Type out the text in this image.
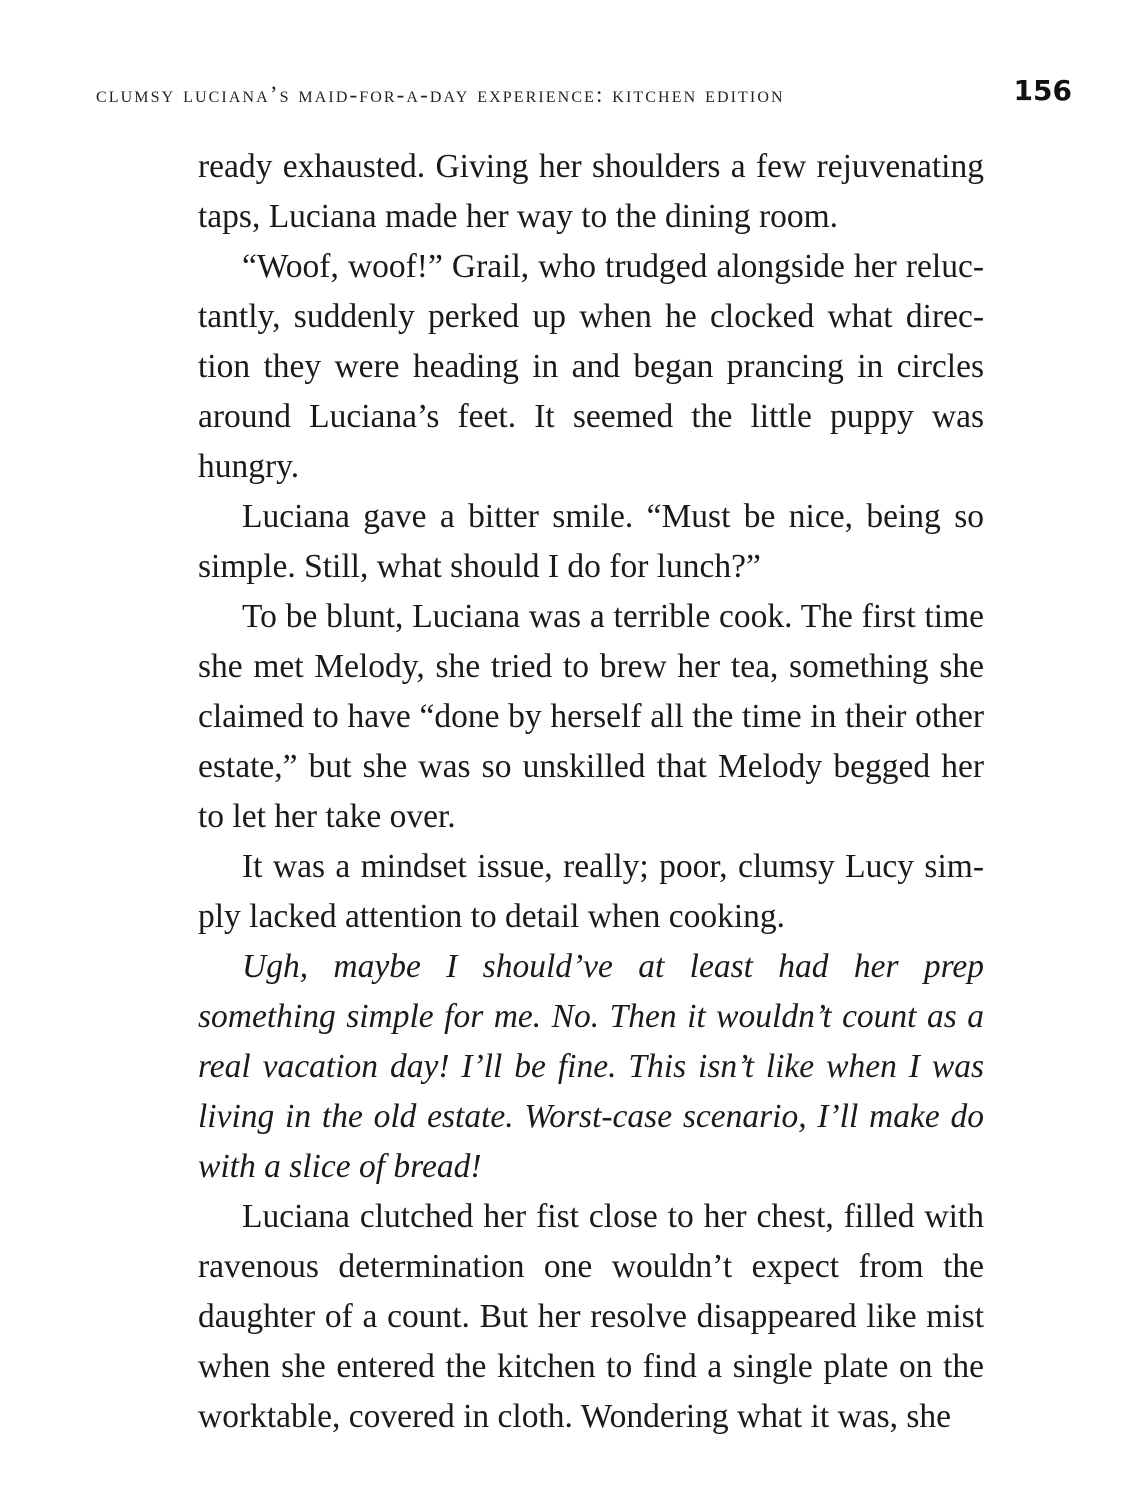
clumsy luciana’s maid-for-a-day experience: kitchen edition	156

ready exhausted. Giving her shoulders a few rejuvenating taps, Luciana made her way to the dining room.

“Woof, woof!” Grail, who trudged alongside her reluctantly, suddenly perked up when he clocked what direction they were heading in and began prancing in circles around Luciana’s feet. It seemed the little puppy was hungry.

Luciana gave a bitter smile. “Must be nice, being so simple. Still, what should I do for lunch?”

To be blunt, Luciana was a terrible cook. The first time she met Melody, she tried to brew her tea, something she claimed to have “done by herself all the time in their other estate,” but she was so unskilled that Melody begged her to let her take over.

It was a mindset issue, really; poor, clumsy Lucy simply lacked attention to detail when cooking.

Ugh, maybe I should’ve at least had her prep something simple for me. No. Then it wouldn’t count as a real vacation day! I’ll be fine. This isn’t like when I was living in the old estate. Worst-case scenario, I’ll make do with a slice of bread!

Luciana clutched her fist close to her chest, filled with ravenous determination one wouldn’t expect from the daughter of a count. But her resolve disappeared like mist when she entered the kitchen to find a single plate on the worktable, covered in cloth. Wondering what it was, she
